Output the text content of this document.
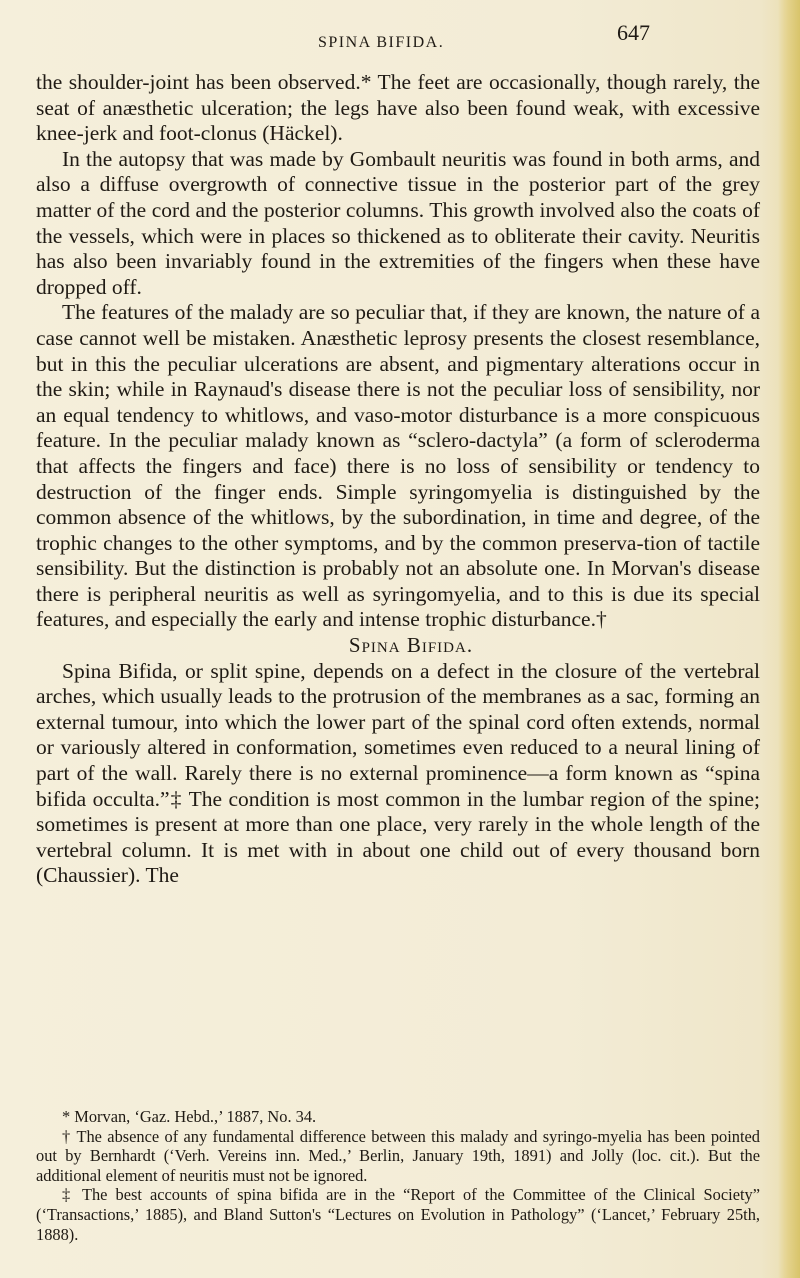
SPINA BIFIDA.	647

the shoulder-joint has been observed.* The feet are occasionally, though rarely, the seat of anæsthetic ulceration; the legs have also been found weak, with excessive knee-jerk and foot-clonus (Häckel).

In the autopsy that was made by Gombault neuritis was found in both arms, and also a diffuse overgrowth of connective tissue in the posterior part of the grey matter of the cord and the posterior columns. This growth involved also the coats of the vessels, which were in places so thickened as to obliterate their cavity. Neuritis has also been invariably found in the extremities of the fingers when these have dropped off.

The features of the malady are so peculiar that, if they are known, the nature of a case cannot well be mistaken. Anæsthetic leprosy presents the closest resemblance, but in this the peculiar ulcerations are absent, and pigmentary alterations occur in the skin; while in Raynaud's disease there is not the peculiar loss of sensibility, nor an equal tendency to whitlows, and vaso-motor disturbance is a more conspicuous feature. In the peculiar malady known as “sclero-dactyla” (a form of scleroderma that affects the fingers and face) there is no loss of sensibility or tendency to destruction of the finger ends. Simple syringomyelia is distinguished by the common absence of the whitlows, by the subordination, in time and degree, of the trophic changes to the other symptoms, and by the common preserva-tion of tactile sensibility. But the distinction is probably not an absolute one. In Morvan's disease there is peripheral neuritis as well as syringomyelia, and to this is due its special features, and especially the early and intense trophic disturbance.†

Spina Bifida.

Spina Bifida, or split spine, depends on a defect in the closure of the vertebral arches, which usually leads to the protrusion of the membranes as a sac, forming an external tumour, into which the lower part of the spinal cord often extends, normal or variously altered in conformation, sometimes even reduced to a neural lining of part of the wall. Rarely there is no external prominence—a form known as “spina bifida occulta.”‡ The condition is most common in the lumbar region of the spine; sometimes is present at more than one place, very rarely in the whole length of the vertebral column. It is met with in about one child out of every thousand born (Chaussier). The

* Morvan, ‘Gaz. Hebd.,’ 1887, No. 34.

† The absence of any fundamental difference between this malady and syringo-myelia has been pointed out by Bernhardt (‘Verh. Vereins inn. Med.,’ Berlin, January 19th, 1891) and Jolly (loc. cit.). But the additional element of neuritis must not be ignored.

‡ The best accounts of spina bifida are in the “Report of the Committee of the Clinical Society” (‘Transactions,’ 1885), and Bland Sutton's “Lectures on Evolution in Pathology” (‘Lancet,’ February 25th, 1888).
